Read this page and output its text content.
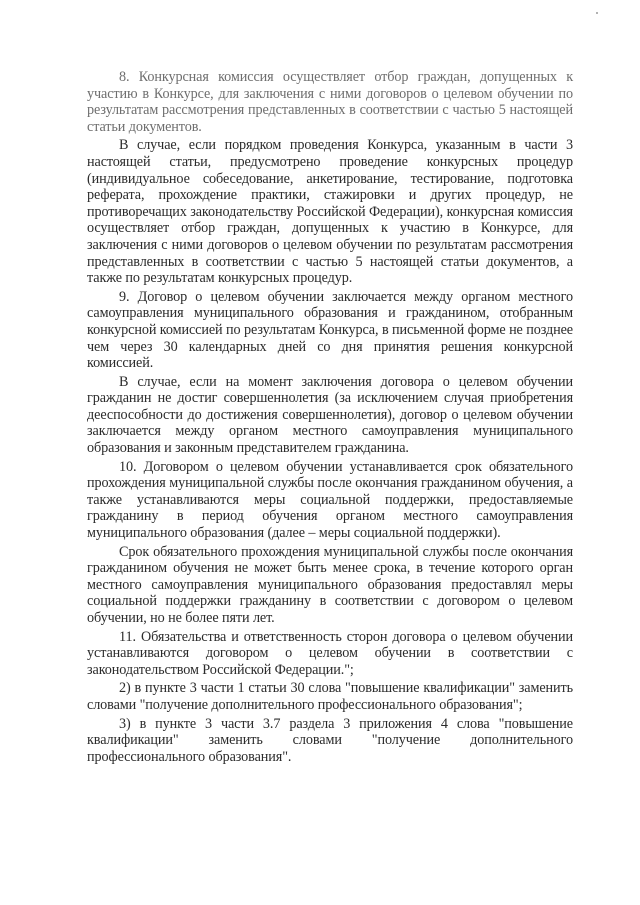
8. Конкурсная комиссия осуществляет отбор граждан, допущенных к участию в Конкурсе, для заключения с ними договоров о целевом обучении по результатам рассмотрения представленных в соответствии с частью 5 настоящей статьи документов.

В случае, если порядком проведения Конкурса, указанным в части 3 настоящей статьи, предусмотрено проведение конкурсных процедур (индивидуальное собеседование, анкетирование, тестирование, подготовка реферата, прохождение практики, стажировки и других процедур, не противоречащих законодательству Российской Федерации), конкурсная комиссия осуществляет отбор граждан, допущенных к участию в Конкурсе, для заключения с ними договоров о целевом обучении по результатам рассмотрения представленных в соответствии с частью 5 настоящей статьи документов, а также по результатам конкурсных процедур.

9. Договор о целевом обучении заключается между органом местного самоуправления муниципального образования и гражданином, отобранным конкурсной комиссией по результатам Конкурса, в письменной форме не позднее чем через 30 календарных дней со дня принятия решения конкурсной комиссией.

В случае, если на момент заключения договора о целевом обучении гражданин не достиг совершеннолетия (за исключением случая приобретения дееспособности до достижения совершеннолетия), договор о целевом обучении заключается между органом местного самоуправления муниципального образования и законным представителем гражданина.

10. Договором о целевом обучении устанавливается срок обязательного прохождения муниципальной службы после окончания гражданином обучения, а также устанавливаются меры социальной поддержки, предоставляемые гражданину в период обучения органом местного самоуправления муниципального образования (далее – меры социальной поддержки).

Срок обязательного прохождения муниципальной службы после окончания гражданином обучения не может быть менее срока, в течение которого орган местного самоуправления муниципального образования предоставлял меры социальной поддержки гражданину в соответствии с договором о целевом обучении, но не более пяти лет.

11. Обязательства и ответственность сторон договора о целевом обучении устанавливаются договором о целевом обучении в соответствии с законодательством Российской Федерации.";

2) в пункте 3 части 1 статьи 30 слова "повышение квалификации" заменить словами "получение дополнительного профессионального образования";

3) в пункте 3 части 3.7 раздела 3 приложения 4 слова "повышение квалификации" заменить словами "получение дополнительного профессионального образования".
